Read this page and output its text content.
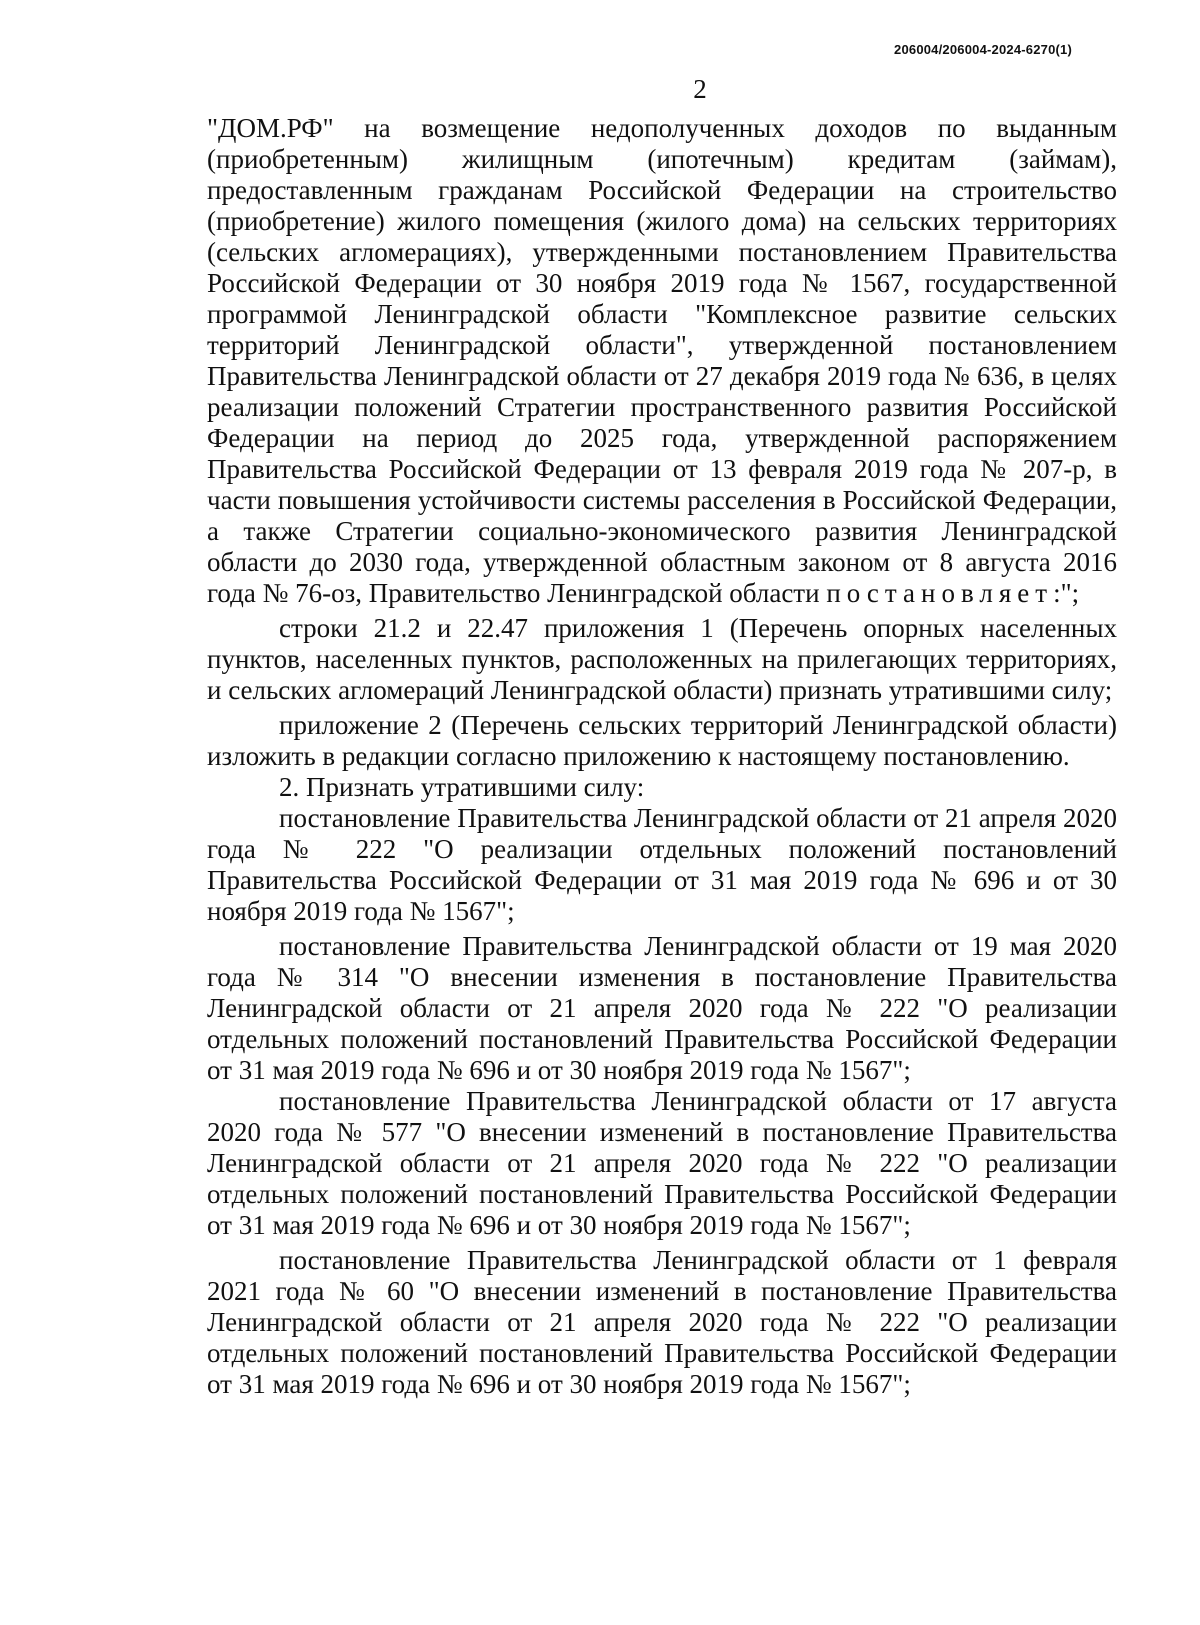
206004/206004-2024-6270(1)
2

"ДОМ.РФ" на возмещение недополученных доходов по выданным (приобретенным) жилищным (ипотечным) кредитам (займам), предоставленным гражданам Российской Федерации на строительство (приобретение) жилого помещения (жилого дома) на сельских территориях (сельских агломерациях), утвержденными постановлением Правительства Российской Федерации от 30 ноября 2019 года № 1567, государственной программой Ленинградской области "Комплексное развитие сельских территорий Ленинградской области", утвержденной постановлением Правительства Ленинградской области от 27 декабря 2019 года № 636, в целях реализации положений Стратегии пространственного развития Российской Федерации на период до 2025 года, утвержденной распоряжением Правительства Российской Федерации от 13 февраля 2019 года № 207-р, в части повышения устойчивости системы расселения в Российской Федерации, а также Стратегии социально-экономического развития Ленинградской области до 2030 года, утвержденной областным законом от 8 августа 2016 года № 76-оз, Правительство Ленинградской области постановляет:";

строки 21.2 и 22.47 приложения 1 (Перечень опорных населенных пунктов, населенных пунктов, расположенных на прилегающих территориях, и сельских агломераций Ленинградской области) признать утратившими силу;

приложение 2 (Перечень сельских территорий Ленинградской области) изложить в редакции согласно приложению к настоящему постановлению.

2. Признать утратившими силу:

постановление Правительства Ленинградской области от 21 апреля 2020 года № 222 "О реализации отдельных положений постановлений Правительства Российской Федерации от 31 мая 2019 года № 696 и от 30 ноября 2019 года № 1567";

постановление Правительства Ленинградской области от 19 мая 2020 года № 314 "О внесении изменения в постановление Правительства Ленинградской области от 21 апреля 2020 года № 222 "О реализации отдельных положений постановлений Правительства Российской Федерации от 31 мая 2019 года № 696 и от 30 ноября 2019 года № 1567";

постановление Правительства Ленинградской области от 17 августа 2020 года № 577 "О внесении изменений в постановление Правительства Ленинградской области от 21 апреля 2020 года № 222 "О реализации отдельных положений постановлений Правительства Российской Федерации от 31 мая 2019 года № 696 и от 30 ноября 2019 года № 1567";

постановление Правительства Ленинградской области от 1 февраля 2021 года № 60 "О внесении изменений в постановление Правительства Ленинградской области от 21 апреля 2020 года № 222 "О реализации отдельных положений постановлений Правительства Российской Федерации от 31 мая 2019 года № 696 и от 30 ноября 2019 года № 1567";
